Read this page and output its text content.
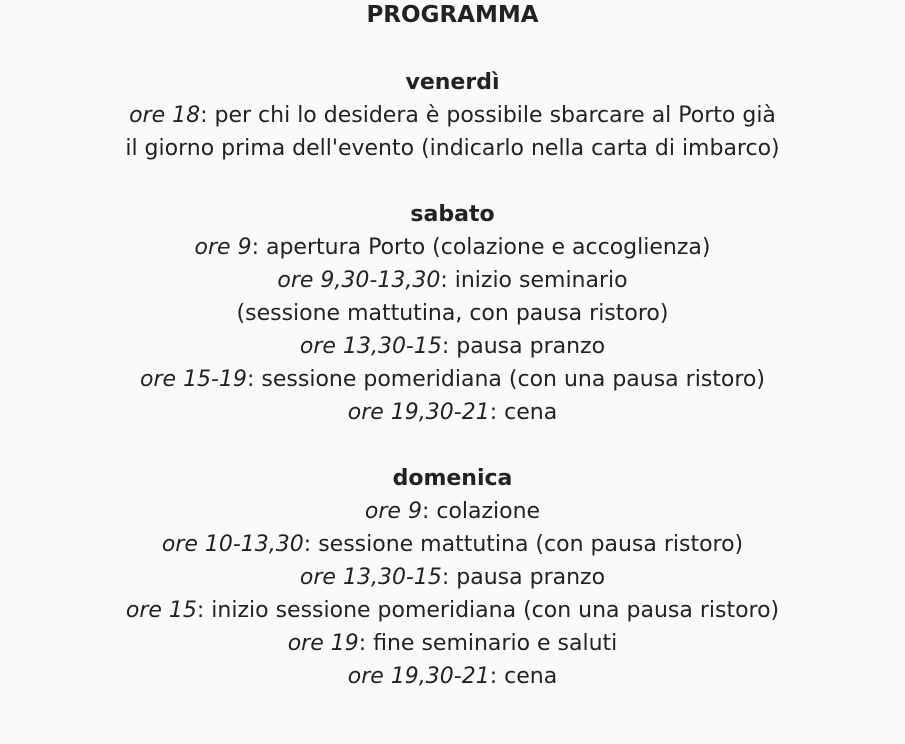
PROGRAMMA

venerdì

ore 18: per chi lo desidera è possibile sbarcare al Porto già

il giorno prima dell'evento (indicarlo nella carta di imbarco)

sabato

ore 9: apertura Porto (colazione e accoglienza)

ore 9,30-13,30: inizio seminario

(sessione mattutina, con pausa ristoro)

ore 13,30-15: pausa pranzo

ore 15-19: sessione pomeridiana (con una pausa ristoro)

ore 19,30-21: cena

domenica

ore 9: colazione

ore 10-13,30: sessione mattutina (con pausa ristoro)

ore 13,30-15: pausa pranzo

ore 15: inizio sessione pomeridiana (con una pausa ristoro)

ore 19: fine seminario e saluti

ore 19,30-21: cena
